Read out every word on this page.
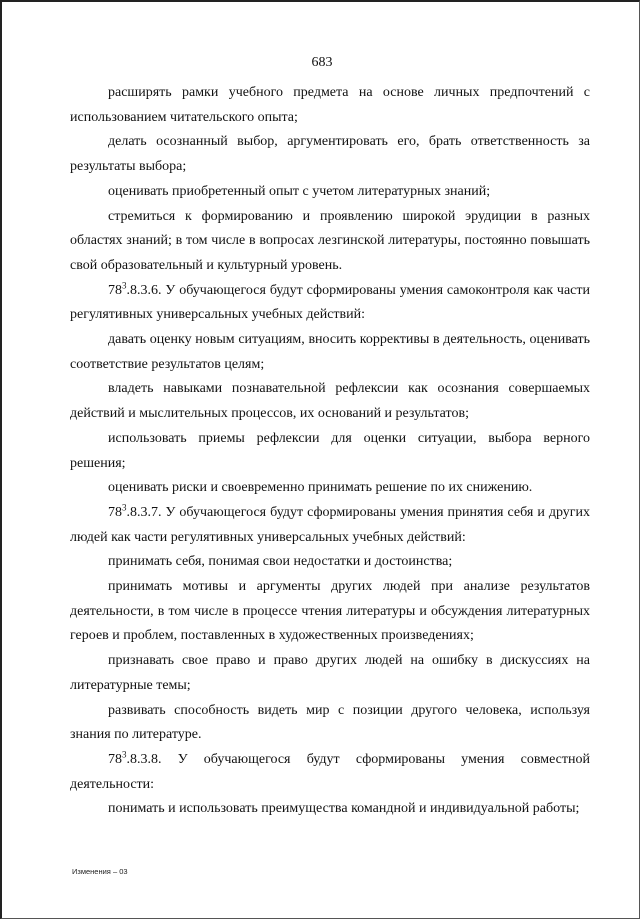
683

расширять рамки учебного предмета на основе личных предпочтений с использованием читательского опыта;

делать осознанный выбор, аргументировать его, брать ответственность за результаты выбора;

оценивать приобретенный опыт с учетом литературных знаний;

стремиться к формированию и проявлению широкой эрудиции в разных областях знаний; в том числе в вопросах лезгинской литературы, постоянно повышать свой образовательный и культурный уровень.

$78^3.8.3.6$. У обучающегося будут сформированы умения самоконтроля как части регулятивных универсальных учебных действий:

давать оценку новым ситуациям, вносить коррективы в деятельность, оценивать соответствие результатов целям;

владеть навыками познавательной рефлексии как осознания совершаемых действий и мыслительных процессов, их оснований и результатов;

использовать приемы рефлексии для оценки ситуации, выбора верного решения;

оценивать риски и своевременно принимать решение по их снижению.

$78^3.8.3.7$. У обучающегося будут сформированы умения принятия себя и других людей как части регулятивных универсальных учебных действий:

принимать себя, понимая свои недостатки и достоинства;

принимать мотивы и аргументы других людей при анализе результатов деятельности, в том числе в процессе чтения литературы и обсуждения литературных героев и проблем, поставленных в художественных произведениях;

признавать свое право и право других людей на ошибку в дискуссиях на литературные темы;

развивать способность видеть мир с позиции другого человека, используя знания по литературе.

$78^3.8.3.8$. У обучающегося будут сформированы умения совместной деятельности:

понимать и использовать преимущества командной и индивидуальной работы;

Изменения – 03
